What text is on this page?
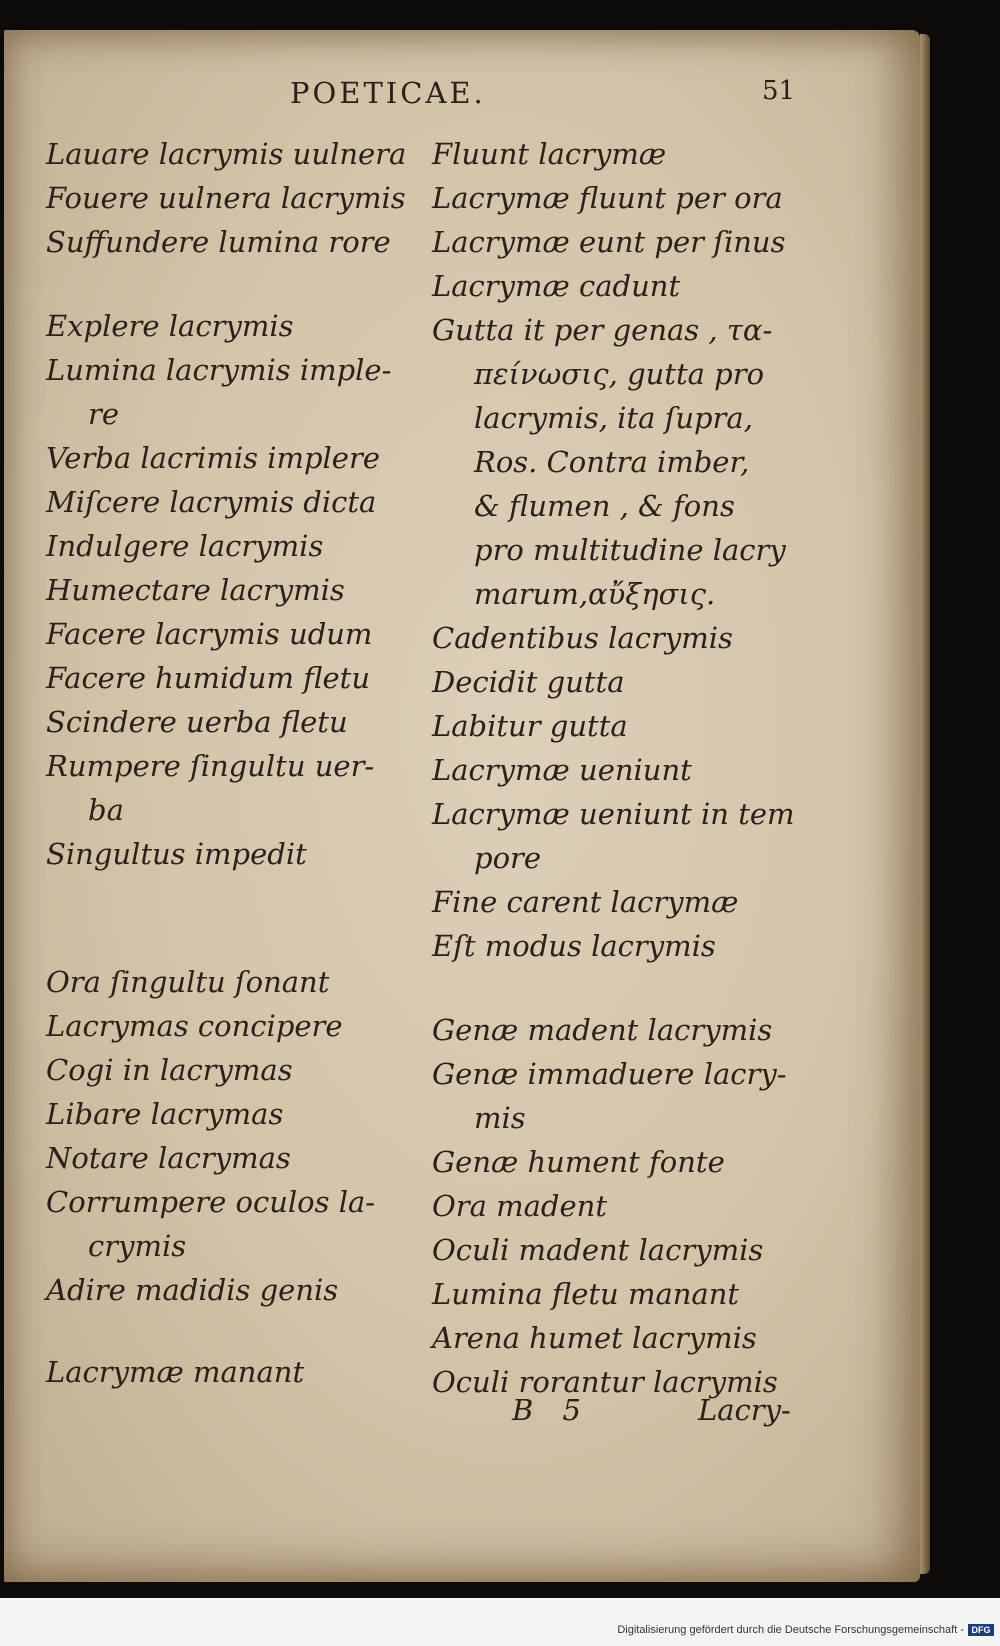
POETICAE.	51
Lauare lacrymis uulnera
Fouere uulnera lacrymis
Suffundere lumina rore
Explere lacrymis
Lumina lacrymis imple-
re
Verba lacrimis implere
Miſcere lacrymis dicta
Indulgere lacrymis
Humectare lacrymis
Facere lacrymis udum
Facere humidum fletu
Scindere uerba fletu
Rumpere ſingultu uer-
ba
Singultus impedit
Ora ſingultu ſonant
Lacrymas concipere
Cogi in lacrymas
Libare lacrymas
Notare lacrymas
Corrumpere oculos la-
crymis
Adire madidis genis
Lacrymæ manant
Fluunt lacrymæ
Lacrymæ fluunt per ora
Lacrymæ eunt per ſinus
Lacrymæ cadunt
Gutta it per genas , τα-
πείνωσις, gutta pro
lacrymis, ita ſupra,
Ros. Contra imber,
& flumen , & fons
pro multitudine lacry
marum,αὔξησις.
Cadentibus lacrymis
Decidit gutta
Labitur gutta
Lacrymæ ueniunt
Lacrymæ ueniunt in tem
pore
Fine carent lacrymæ
Eſt modus lacrymis
Genæ madent lacrymis
Genæ immaduere lacry-
mis
Genæ hument fonte
Ora madent
Oculi madent lacrymis
Lumina fletu manant
Arena humet lacrymis
Oculi rorantur lacrymis
B 5	Lacry-
Digitalisierung gefördert durch die Deutsche Forschungsgemeinschaft - DFG
